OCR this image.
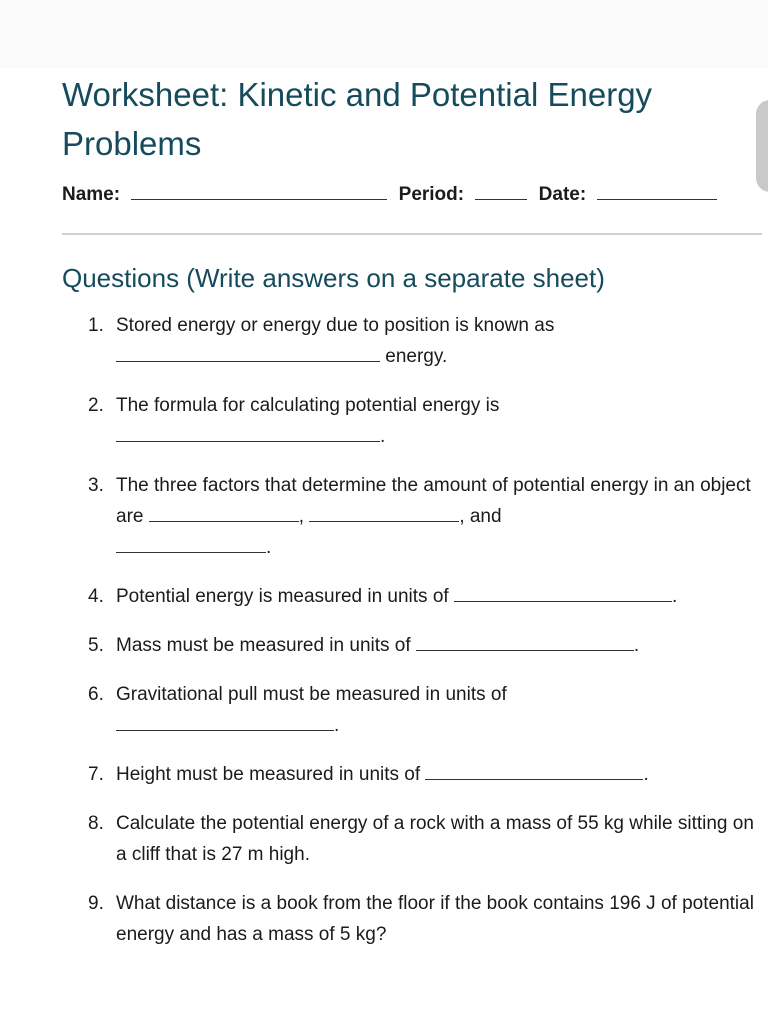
Worksheet: Kinetic and Potential Energy Problems
Name:	Period:	Date:
Questions (Write answers on a separate sheet)
1. Stored energy or energy due to position is known as
energy.
2. The formula for calculating potential energy is
.
3. The three factors that determine the amount of potential energy in an object are	,	, and
.
4. Potential energy is measured in units of	.
5. Mass must be measured in units of	.
6. Gravitational pull must be measured in units of
.
7. Height must be measured in units of	.
8. Calculate the potential energy of a rock with a mass of 55 kg while sitting on a cliff that is 27 m high.
9. What distance is a book from the floor if the book contains 196 J of potential energy and has a mass of 5 kg?
